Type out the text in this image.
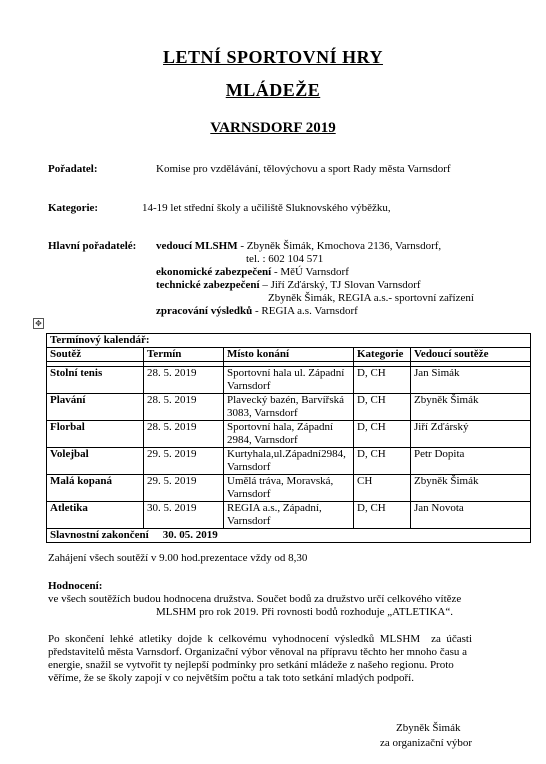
LETNÍ SPORTOVNÍ HRY
MLÁDEŽE
VARNSDORF 2019
Pořadatel:	Komise pro vzdělávání, tělovýchovu a sport Rady města Varnsdorf
Kategorie:	14-19 let střední školy a učiliště Sluknovského výběžku,
Hlavní pořadatelé: vedoucí MLSHM - Zbyněk Šimák, Kmochova 2136, Varnsdorf,
tel. : 602 104 571
ekonomické zabezpečení - MěÚ Varnsdorf
technické zabezpečení – Jiří Zďárský, TJ Slovan Varnsdorf
Zbyněk Šimák, REGIA a.s.- sportovní zařízení
zpracování výsledků - REGIA a.s. Varnsdorf
✥
Termínový kalendář:				
Soutěž	Termín	Místo konání	Kategorie	Vedoucí soutěže

Stolní tenis	28. 5. 2019	Sportovní hala ul. Západní Varnsdorf	D, CH	Jan Simák
Plavání	28. 5. 2019	Plavecký bazén, Barvířská 3083, Varnsdorf	D, CH	Zbyněk Šimák
Florbal	28. 5. 2019	Sportovní hala, Západní 2984, Varnsdorf	D, CH	Jiří Zďárský
Volejbal	29. 5. 2019	Kurtyhala,ul.Západní2984, Varnsdorf	D, CH	Petr Dopita
Malá kopaná	29. 5. 2019	Umělá tráva, Moravská, Varnsdorf	CH	Zbyněk Šimák
Atletika	30. 5. 2019	REGIA a.s., Západní, Varnsdorf	D, CH	Jan Novota
Slavnostní zakončení 30. 05. 2019				
Zahájení všech soutěží v 9.00 hod.prezentace vždy od 8,30
Hodnocení:
ve všech soutěžích budou hodnocena družstva. Součet bodů za družstvo určí celkového vítěze
MLSHM pro rok 2019. Při rovnosti bodů rozhoduje „ATLETIKA“.
Po  skončení  lehké  atletiky  dojde  k  celkovému  vyhodnocení  výsledků  MLSHM    za  účasti
představitelů města Varnsdorf. Organizační výbor věnoval na přípravu těchto her mnoho času a
energie, snažil se vytvořit ty nejlepší podmínky pro setkání mládeže z našeho regionu. Proto
věříme, že se školy zapojí v co největším počtu a tak toto setkání mladých podpoří.
Zbyněk Šimák
za organizační výbor
